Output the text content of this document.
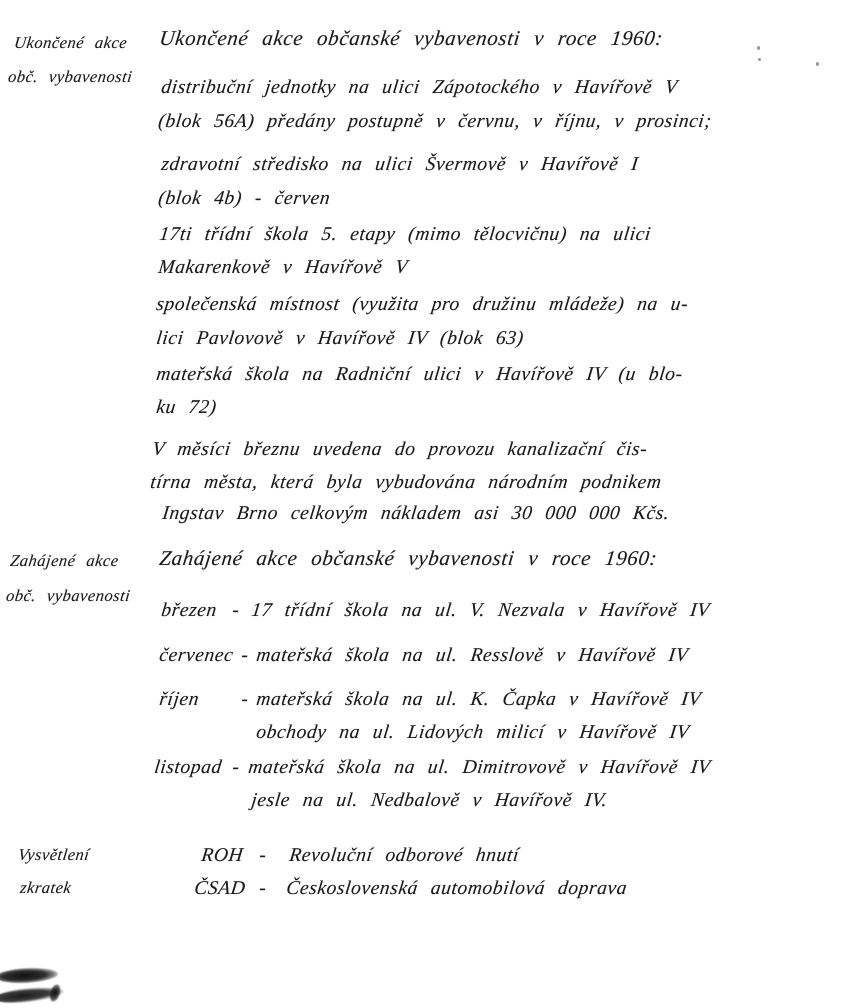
Ukončené akce
obč. vybavenosti
Ukončené akce občanské vybavenosti v roce 1960:
distribuční jednotky na ulici Zápotockého v Havířově V
(blok 56A) předány postupně v červnu, v říjnu, v prosinci;
zdravotní středisko na ulici Švermově v Havířově I
(blok 4b) - červen
17ti třídní škola 5. etapy (mimo tělocvičnu) na ulici
Makarenkově v Havířově V
společenská místnost (využita pro družinu mládeže) na u-
lici Pavlovově v Havířově IV (blok 63)
mateřská škola na Radniční ulici v Havířově IV (u blo-
ku 72)
V měsíci březnu uvedena do provozu kanalizační čis-
tírna města, která byla vybudována národním podnikem
Ingstav Brno celkovým nákladem asi 30 000 000 Kčs.
Zahájené akce
obč. vybavenosti
Zahájené akce občanské vybavenosti v roce 1960:
březen - 17 třídní škola na ul. V. Nezvala v Havířově IV
červenec - mateřská škola na ul. Resslově v Havířově IV
říjen - mateřská škola na ul. K. Čapka v Havířově IV
obchody na ul. Lidových milicí v Havířově IV
listopad - mateřská škola na ul. Dimitrovově v Havířově IV
jesle na ul. Nedbalově v Havířově IV.
Vysvětlení
zkratek
ROH - Revoluční odborové hnutí
ČSAD - Československá automobilová doprava
